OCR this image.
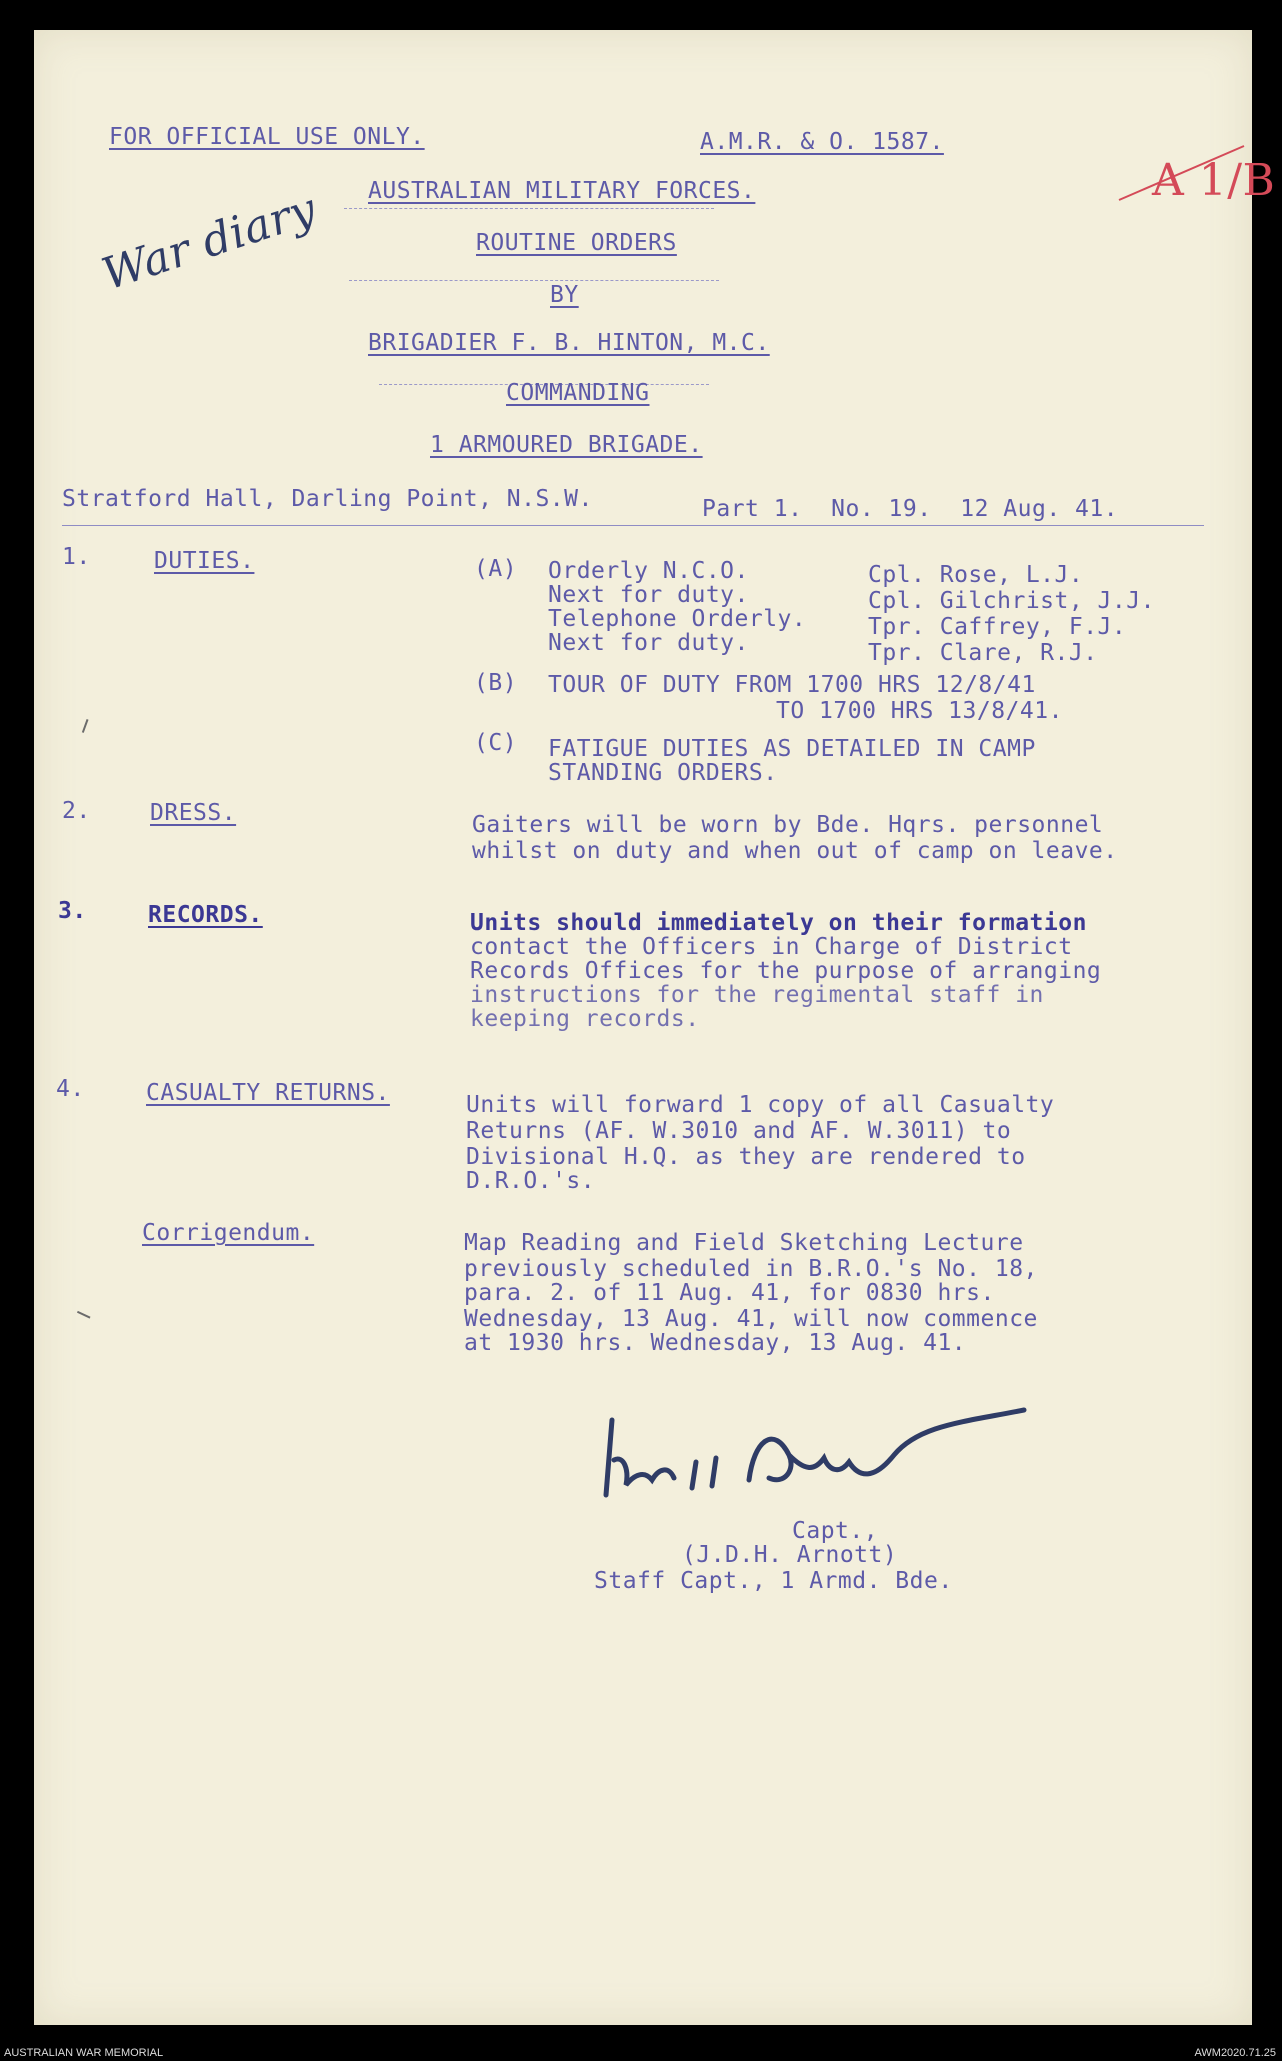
FOR OFFICIAL USE ONLY.	A.M.R. & O. 1587.

A 1/B

War diary AUSTRALIAN MILITARY FORCES.
ROUTINE ORDERS
BY
BRIGADIER F. B. HINTON, M.C.
COMMANDING
1 ARMOURED BRIGADE.
Stratford Hall, Darling Point, N.S.W.	Part 1.  No. 19.  12 Aug. 41.
1.	DUTIES.	(A) Orderly N.C.O.	Cpl. Rose, L.J.
Next for duty.	Cpl. Gilchrist, J.J.
Telephone Orderly.	Tpr. Caffrey, F.J.
Next for duty.	Tpr. Clare, R.J.
(B) TOUR OF DUTY FROM 1700 HRS 12/8/41
TO 1700 HRS 13/8/41.
(C) FATIGUE DUTIES AS DETAILED IN CAMP
STANDING ORDERS.
2.	DRESS.	Gaiters will be worn by Bde. Hqrs. personnel
whilst on duty and when out of camp on leave.
3.	RECORDS.	Units should immediately on their formation
contact the Officers in Charge of District
Records Offices for the purpose of arranging
instructions for the regimental staff in
keeping records.
4.	CASUALTY RETURNS.	Units will forward 1 copy of all Casualty
Returns (AF. W.3010 and AF. W.3011) to
Divisional H.Q. as they are rendered to
D.R.O.'s.
Corrigendum.	Map Reading and Field Sketching Lecture
previously scheduled in B.R.O.'s No. 18,
para. 2. of 11 Aug. 41, for 0830 hrs.
Wednesday, 13 Aug. 41, will now commence
at 1930 hrs. Wednesday, 13 Aug. 41.
Capt.,
(J.D.H. Arnott)
Staff Capt., 1 Armd. Bde.
AUSTRALIAN WAR MEMORIAL	AWM2020.71.25
